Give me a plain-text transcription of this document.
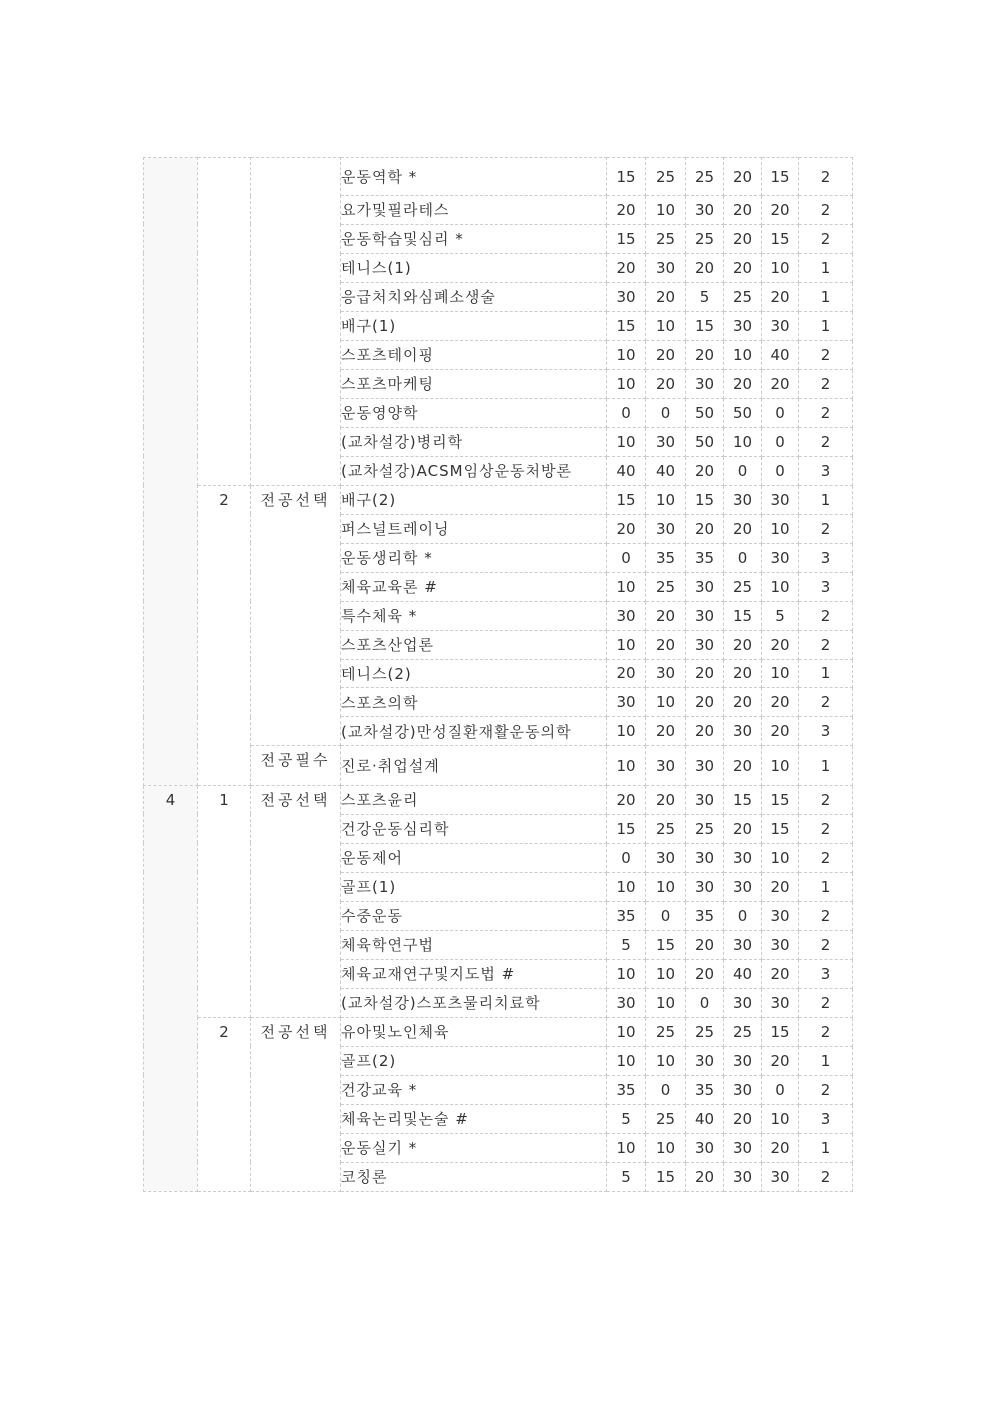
			운동역학 *	15	25	25	20	15	2
			요가및필라테스	20	10	30	20	20	2
			운동학습및심리 *	15	25	25	20	15	2
			테니스(1)	20	30	20	20	10	1
			응급처치와심폐소생술	30	20	5	25	20	1
			배구(1)	15	10	15	30	30	1
			스포츠테이핑	10	20	20	10	40	2
			스포츠마케팅	10	20	30	20	20	2
			운동영양학	0	0	50	50	0	2
			(교차설강)병리학	10	30	50	10	0	2
			(교차설강)ACSM임상운동처방론	40	40	20	0	0	3
	2	전공선택	배구(2)	15	10	15	30	30	1
			퍼스널트레이닝	20	30	20	20	10	2
			운동생리학 *	0	35	35	0	30	3
			체육교육론 #	10	25	30	25	10	3
			특수체육 *	30	20	30	15	5	2
			스포츠산업론	10	20	30	20	20	2
			테니스(2)	20	30	20	20	10	1
			스포츠의학	30	10	20	20	20	2
			(교차설강)만성질환재활운동의학	10	20	20	30	20	3
		전공필수	진로·취업설계	10	30	30	20	10	1
4	1	전공선택	스포츠윤리	20	20	30	15	15	2
			건강운동심리학	15	25	25	20	15	2
			운동제어	0	30	30	30	10	2
			골프(1)	10	10	30	30	20	1
			수중운동	35	0	35	0	30	2
			체육학연구법	5	15	20	30	30	2
			체육교재연구및지도법 #	10	10	20	40	20	3
			(교차설강)스포츠물리치료학	30	10	0	30	30	2
	2	전공선택	유아및노인체육	10	25	25	25	15	2
			골프(2)	10	10	30	30	20	1
			건강교육 *	35	0	35	30	0	2
			체육논리및논술 #	5	25	40	20	10	3
			운동실기 *	10	10	30	30	20	1
			코칭론	5	15	20	30	30	2
